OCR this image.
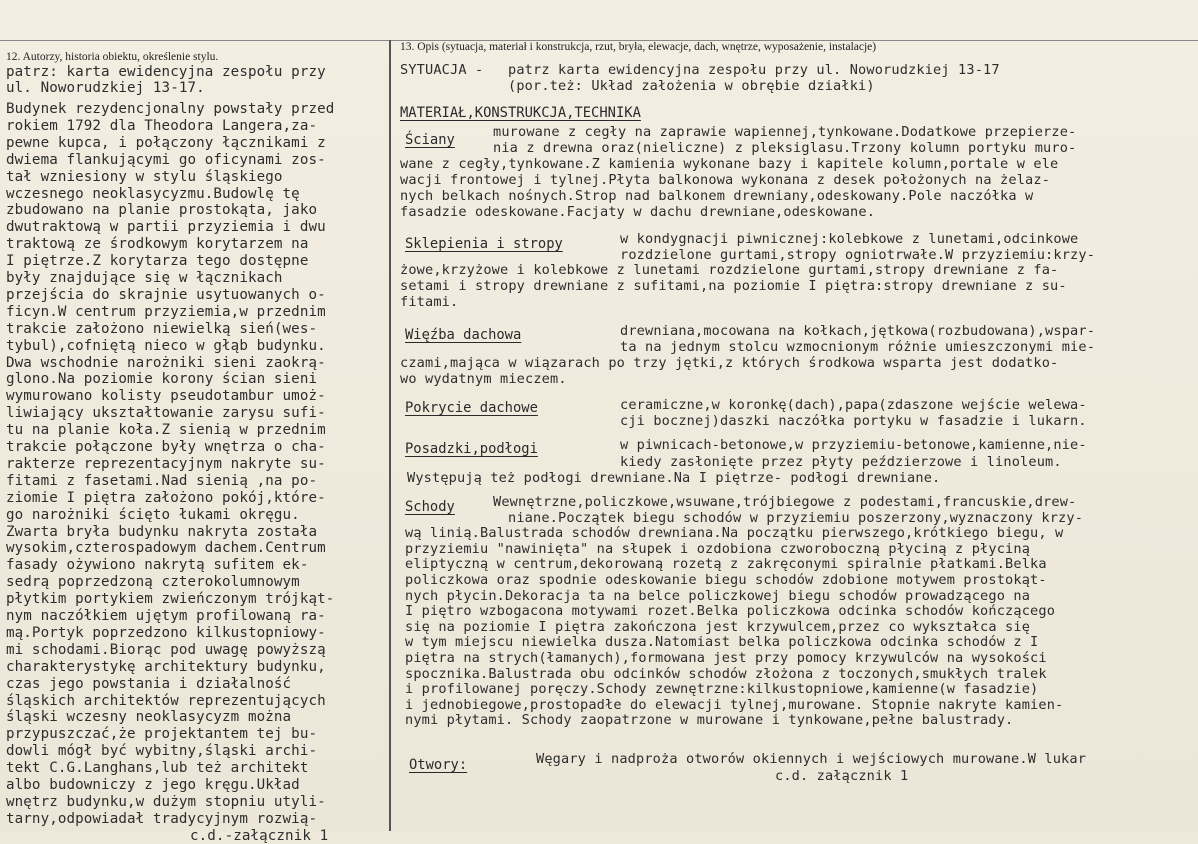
12. Autorzy, historia obiektu, określenie stylu.
13. Opis (sytuacja, materiał i konstrukcja, rzut, bryła, elewacje, dach, wnętrze, wyposażenie, instalacje)
patrz: karta ewidencyjna zespołu przy
ul. Noworudzkiej 13-17.
Budynek rezydencjonalny powstały przed
rokiem 1792 dla Theodora Langera,za-
pewne kupca, i połączony łącznikami z
dwiema flankującymi go oficynami zos-
tał wzniesiony w stylu śląskiego
wczesnego neoklasycyzmu.Budowlę tę
zbudowano na planie prostokąta, jako
dwutraktową w partii przyziemia i dwu
traktową ze środkowym korytarzem na
I piętrze.Z korytarza tego dostępne
były znajdujące się w łącznikach
przejścia do skrajnie usytuowanych o-
ficyn.W centrum przyziemia,w przednim
trakcie założono niewielką sień(wes-
tybul),cofniętą nieco w głąb budynku.
Dwa wschodnie narożniki sieni zaokrą-
glono.Na poziomie korony ścian sieni
wymurowano kolisty pseudotambur umoż-
liwiający ukształtowanie zarysu sufi-
tu na planie koła.Z sienią w przednim
trakcie połączone były wnętrza o cha-
rakterze reprezentacyjnym nakryte su-
fitami z fasetami.Nad sienią ,na po-
ziomie I piętra założono pokój,które-
go narożniki ścięto łukami okręgu.
Zwarta bryła budynku nakryta została
wysokim,czterospadowym dachem.Centrum
fasady ożywiono nakrytą sufitem ek-
sedrą poprzedzoną czterokolumnowym
płytkim portykiem zwieńczonym trójkąt-
nym naczółkiem ujętym profilowaną ra-
mą.Portyk poprzedzono kilkustopniowy-
mi schodami.Biorąc pod uwagę powyższą
charakterystykę architektury budynku,
czas jego powstania i działalność
śląskich architektów reprezentujących
śląski wczesny neoklasycyzm można
przypuszczać,że projektantem tej bu-
dowli mógł być wybitny,śląski archi-
tekt C.G.Langhans,lub też architekt
albo budowniczy z jego kręgu.Układ
wnętrz budynku,w dużym stopniu utyli-
tarny,odpowiadał tradycyjnym rozwią-
c.d.-załącznik 1
SYTUACJA - patrz karta ewidencyjna zespołu przy ul. Noworudzkiej 13-17
(por.też: Układ założenia w obrębie działki)
MATERIAŁ,KONSTRUKCJA,TECHNIKA
Ściany	murowane z cegły na zaprawie wapiennej,tynkowane.Dodatkowe przepierze-
nia z drewna oraz(nieliczne) z pleksiglasu.Trzony kolumn portyku muro-
wane z cegły,tynkowane.Z kamienia wykonane bazy i kapitele kolumn,portale w ele
wacji frontowej i tylnej.Płyta balkonowa wykonana z desek położonych na żelaz-
nych belkach nośnych.Strop nad balkonem drewniany,odeskowany.Pole naczółka w
fasadzie odeskowane.Facjaty w dachu drewniane,odeskowane.
Sklepienia i stropy	w kondygnacji piwnicznej:kolebkowe z lunetami,odcinkowe
rozdzielone gurtami,stropy ogniotrwałe.W przyziemiu:krzy-
żowe,krzyżowe i kolebkowe z lunetami rozdzielone gurtami,stropy drewniane z fa-
setami i stropy drewniane z sufitami,na poziomie I piętra:stropy drewniane z su-
fitami.
Więźba dachowa	drewniana,mocowana na kołkach,jętkowa(rozbudowana),wspar-
ta na jednym stolcu wzmocnionym różnie umieszczonymi mie-
czami,mająca w wiązarach po trzy jętki,z których środkowa wsparta jest dodatko-
wo wydatnym mieczem.
Pokrycie dachowe	ceramiczne,w koronkę(dach),papa(zdaszone wejście welewa-
cji bocznej)daszki naczółka portyku w fasadzie i lukarn.
Posadzki,podłogi	w piwnicach-betonowe,w przyziemiu-betonowe,kamienne,nie-
kiedy zasłonięte przez płyty pеździerzowe i linoleum.
Występują też podłogi drewniane.Na I piętrze- podłogi drewniane.
Schody	Wewnętrzne,policzkowe,wsuwane,trójbiegowe z podestami,francuskie,drew-
niane.Początek biegu schodów w przyziemiu poszerzony,wyznaczony krzy-
wą linią.Balustrada schodów drewniana.Na początku pierwszego,krótkiego biegu, w
przyziemiu "nawinięta" na słupek i ozdobiona czworoboczną płyciną z płyciną
eliptyczną w centrum,dekorowaną rozetą z zakręconymi spiralnie płatkami.Belka
policzkowa oraz spodnie odeskowanie biegu schodów zdobione motywem prostokąt-
nych płycin.Dekoracja ta na belce policzkowej biegu schodów prowadzącego na
I piętro wzbogacona motywami rozet.Belka policzkowa odcinka schodów kończącego
się na poziomie I piętra zakończona jest krzywulcem,przez co wykształca się
w tym miejscu niewielka dusza.Natomiast belka policzkowa odcinka schodów z I
piętra na strych(łamanych),formowana jest przy pomocy krzywulców na wysokości
spocznika.Balustrada obu odcinków schodów złożona z toczonych,smukłych tralek
i profilowanej poręczy.Schody zewnętrzne:kilkustopniowe,kamienne(w fasadzie)
i jednobiegowe,prostopadłe do elewacji tylnej,murowane. Stopnie nakryte kamien-
nymi płytami. Schody zaopatrzone w murowane i tynkowane,pełne balustrady.
Otwory:	Węgary i nadproża otworów okiennych i wejściowych murowane.W lukar
c.d. załącznik 1
